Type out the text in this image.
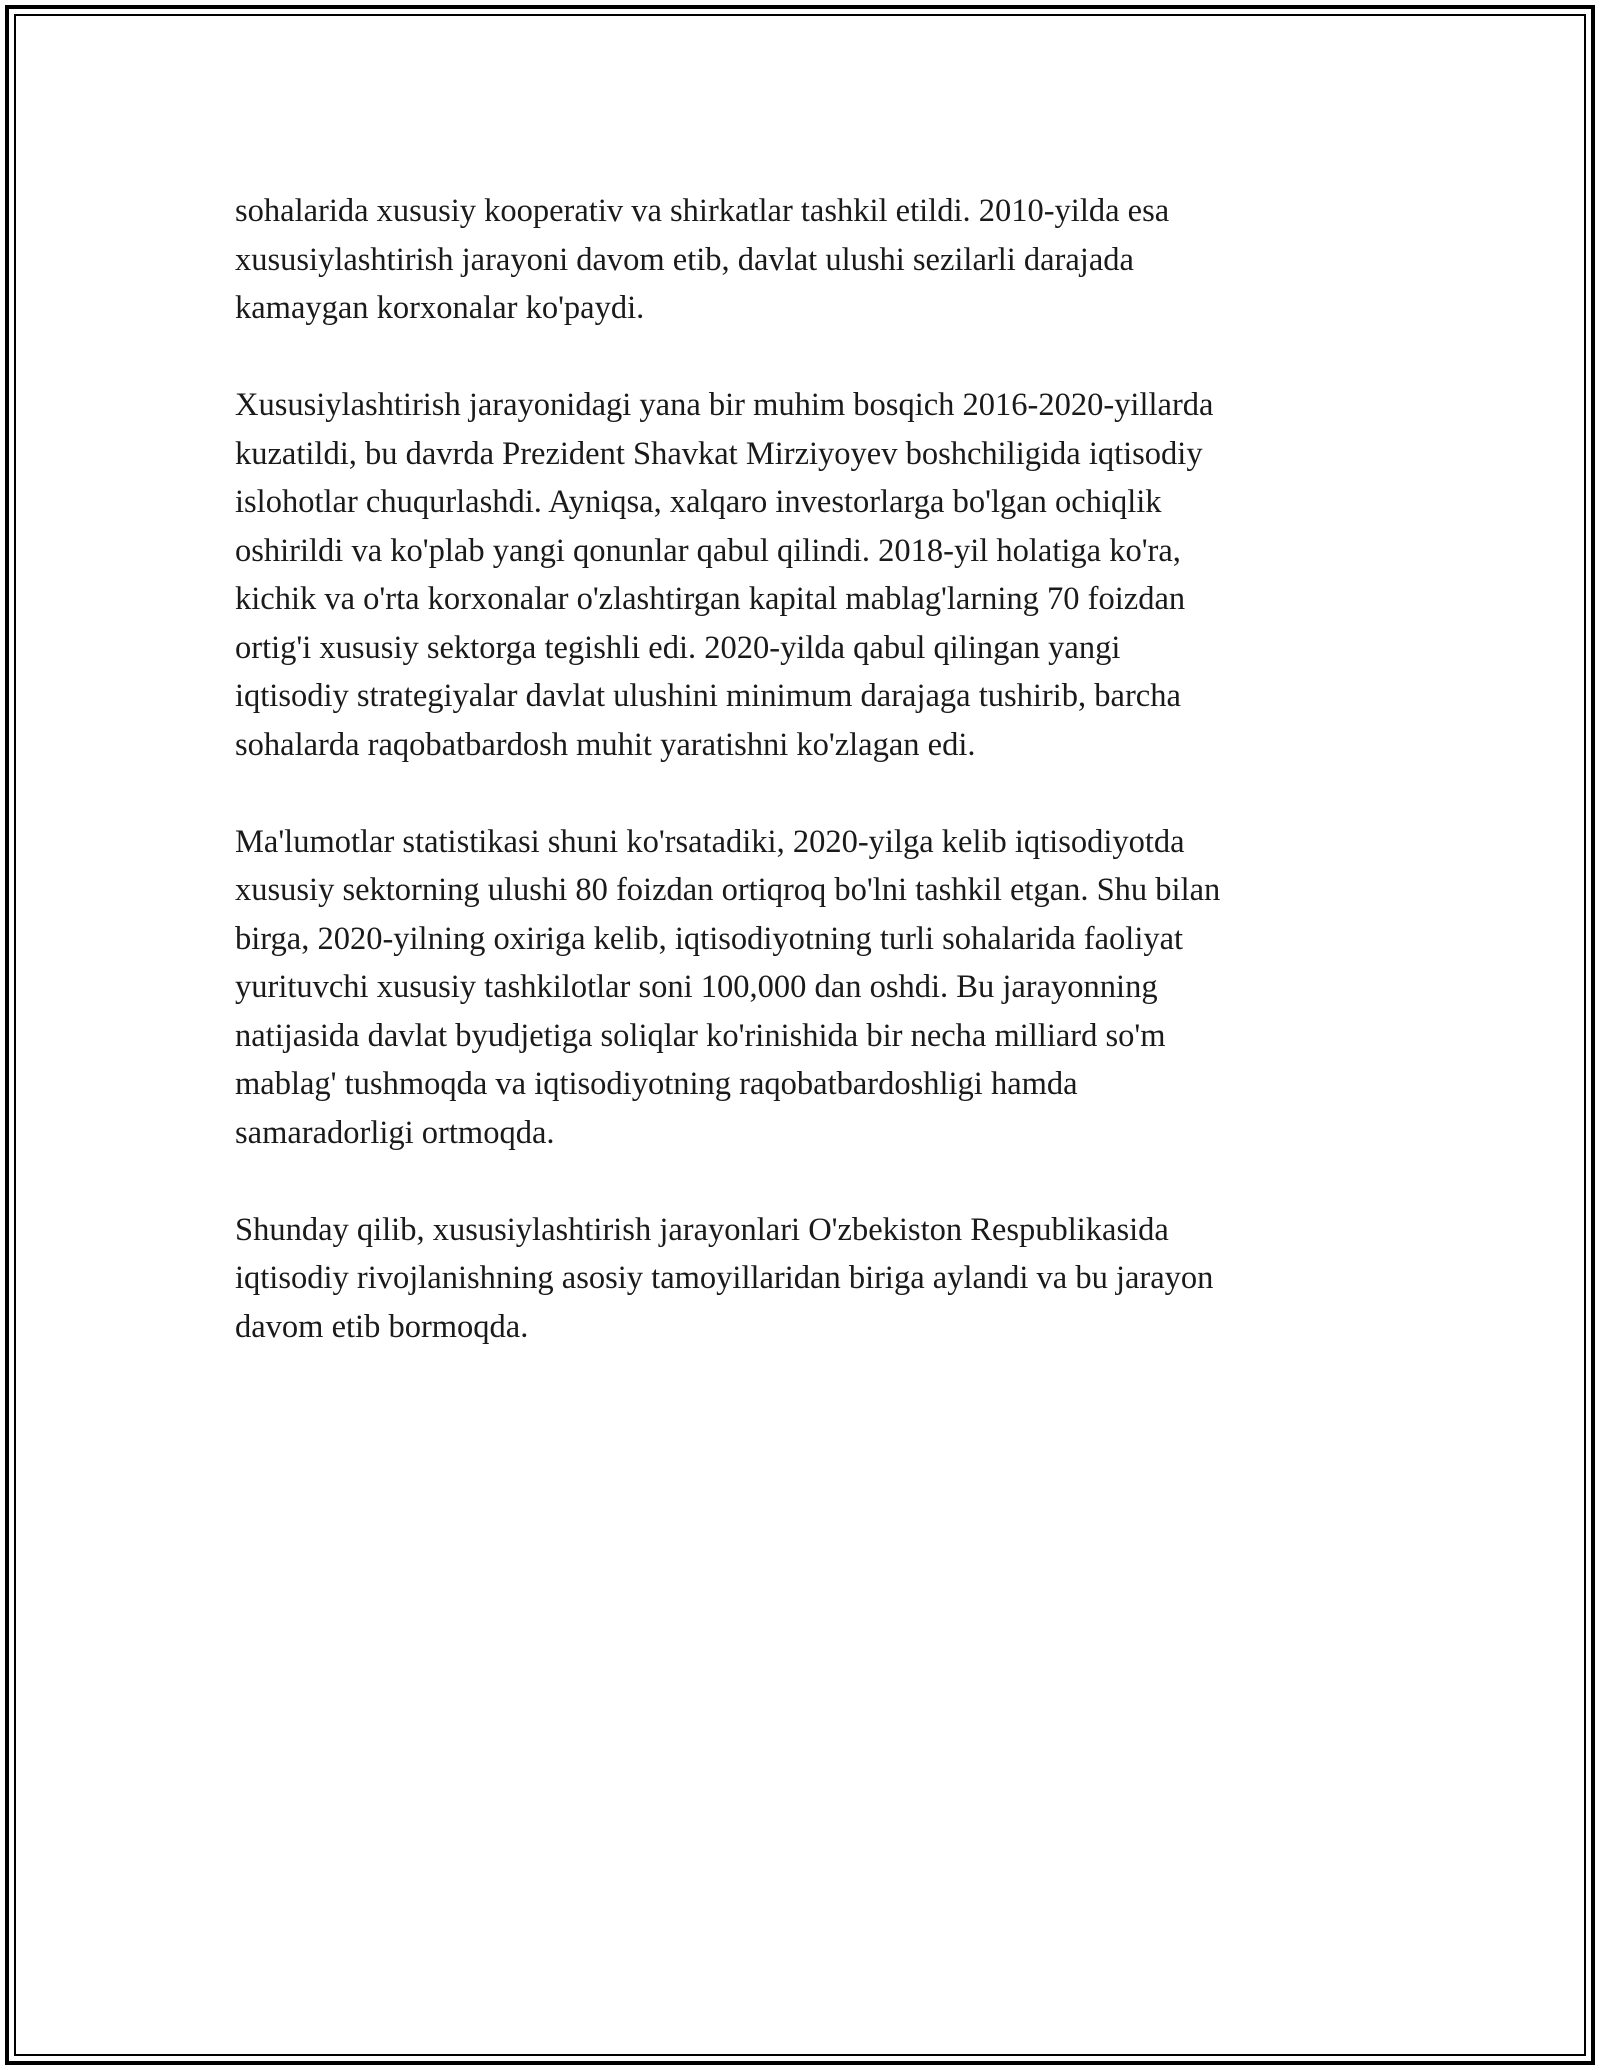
sohalarida xususiy kooperativ va shirkatlar tashkil etildi. 2010-yilda esa
xususiylashtirish jarayoni davom etib, davlat ulushi sezilarli darajada
kamaygan korxonalar ko'paydi.

Xususiylashtirish jarayonidagi yana bir muhim bosqich 2016-2020-yillarda
kuzatildi, bu davrda Prezident Shavkat Mirziyoyev boshchiligida iqtisodiy
islohotlar chuqurlashdi. Ayniqsa, xalqaro investorlarga bo'lgan ochiqlik
oshirildi va ko'plab yangi qonunlar qabul qilindi. 2018-yil holatiga ko'ra,
kichik va o'rta korxonalar o'zlashtirgan kapital mablag'larning 70 foizdan
ortig'i xususiy sektorga tegishli edi. 2020-yilda qabul qilingan yangi
iqtisodiy strategiyalar davlat ulushini minimum darajaga tushirib, barcha
sohalarda raqobatbardosh muhit yaratishni ko'zlagan edi.

Ma'lumotlar statistikasi shuni ko'rsatadiki, 2020-yilga kelib iqtisodiyotda
xususiy sektorning ulushi 80 foizdan ortiqroq bo'lni tashkil etgan. Shu bilan
birga, 2020-yilning oxiriga kelib, iqtisodiyotning turli sohalarida faoliyat
yurituvchi xususiy tashkilotlar soni 100,000 dan oshdi. Bu jarayonning
natijasida davlat byudjetiga soliqlar ko'rinishida bir necha milliard so'm
mablag' tushmoqda va iqtisodiyotning raqobatbardoshligi hamda
samaradorligi ortmoqda.

Shunday qilib, xususiylashtirish jarayonlari O'zbekiston Respublikasida
iqtisodiy rivojlanishning asosiy tamoyillaridan biriga aylandi va bu jarayon
davom etib bormoqda.
